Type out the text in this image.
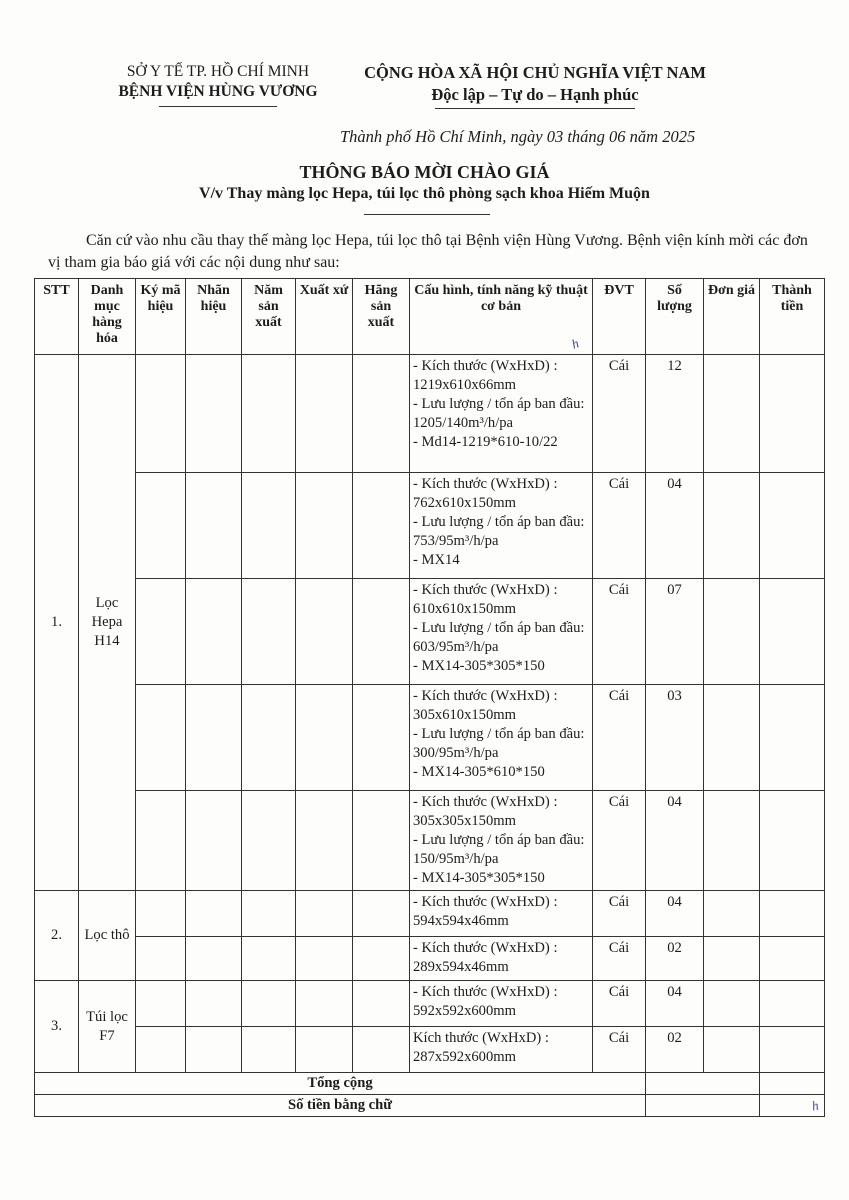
SỞ Y TẾ TP. HỒ CHÍ MINH
BỆNH VIỆN HÙNG VƯƠNG
CỘNG HÒA XÃ HỘI CHỦ NGHĨA VIỆT NAM
Độc lập – Tự do – Hạnh phúc
Thành phố Hồ Chí Minh, ngày 03 tháng 06 năm 2025
THÔNG BÁO MỜI CHÀO GIÁ
V/v Thay màng lọc Hepa, túi lọc thô phòng sạch khoa Hiếm Muộn
Căn cứ vào nhu cầu thay thế màng lọc Hepa, túi lọc thô tại Bệnh viện Hùng Vương. Bệnh viện kính mời các đơn vị tham gia báo giá với các nội dung như sau:
STT	Danh mục hàng hóa	Ký mã hiệu	Nhãn hiệu	Năm sản xuất	Xuất xứ	Hãng sản xuất	Cấu hình, tính năng kỹ thuật cơ bản	ĐVT	Số lượng	Đơn giá	Thành tiền
1.	Lọc Hepa H14						- Kích thước (WxHxD) : 1219x610x66mm
- Lưu lượng / tổn áp ban đầu: 1205/140m³/h/pa
- Md14-1219*610-10/22	Cái	12		

							- Kích thước (WxHxD) : 762x610x150mm
- Lưu lượng / tổn áp ban đầu: 753/95m³/h/pa
- MX14	Cái	04		

							- Kích thước (WxHxD) : 610x610x150mm
- Lưu lượng / tổn áp ban đầu: 603/95m³/h/pa
- MX14-305*305*150	Cái	07		

							- Kích thước (WxHxD) : 305x610x150mm
- Lưu lượng / tổn áp ban đầu: 300/95m³/h/pa
- MX14-305*610*150	Cái	03		

							- Kích thước (WxHxD) : 305x305x150mm
- Lưu lượng / tổn áp ban đầu: 150/95m³/h/pa
- MX14-305*305*150	Cái	04		
2.	Lọc thô						- Kích thước (WxHxD) : 594x594x46mm	Cái	04		

							- Kích thước (WxHxD) : 289x594x46mm	Cái	02		
3.	Túi lọc F7						- Kích thước (WxHxD) : 592x592x600mm	Cái	04		

							Kích thước (WxHxD) : 287x592x600mm	Cái	02		
Tổng cộng											
Số tiền bằng chữ											
h
h
